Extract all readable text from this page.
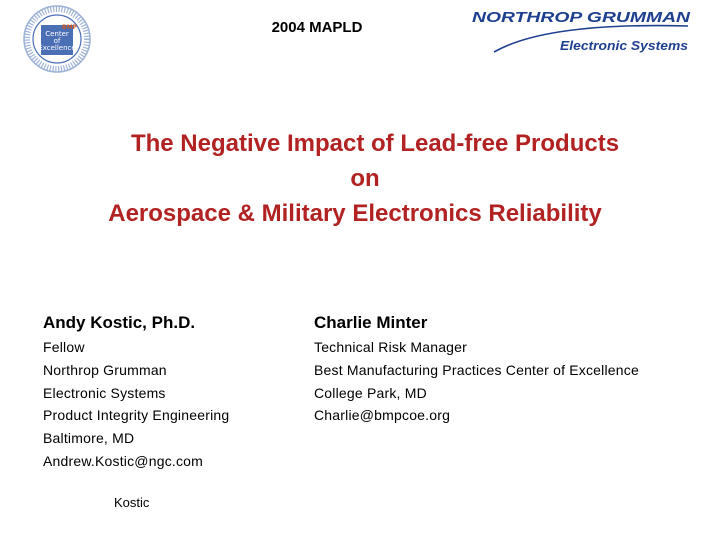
BMP
Center
of
Excellence
2004 MAPLD
NORTHROP GRUMMAN
Electronic Systems
The Negative Impact of Lead-free Products
on
Aerospace & Military Electronics Reliability
Andy Kostic, Ph.D.
Fellow
Northrop Grumman
Electronic Systems
Product Integrity Engineering
Baltimore, MD
Andrew.Kostic@ngc.com
Charlie Minter
Technical Risk Manager
Best Manufacturing Practices Center of Excellence
College Park, MD
Charlie@bmpcoe.org
Kostic
